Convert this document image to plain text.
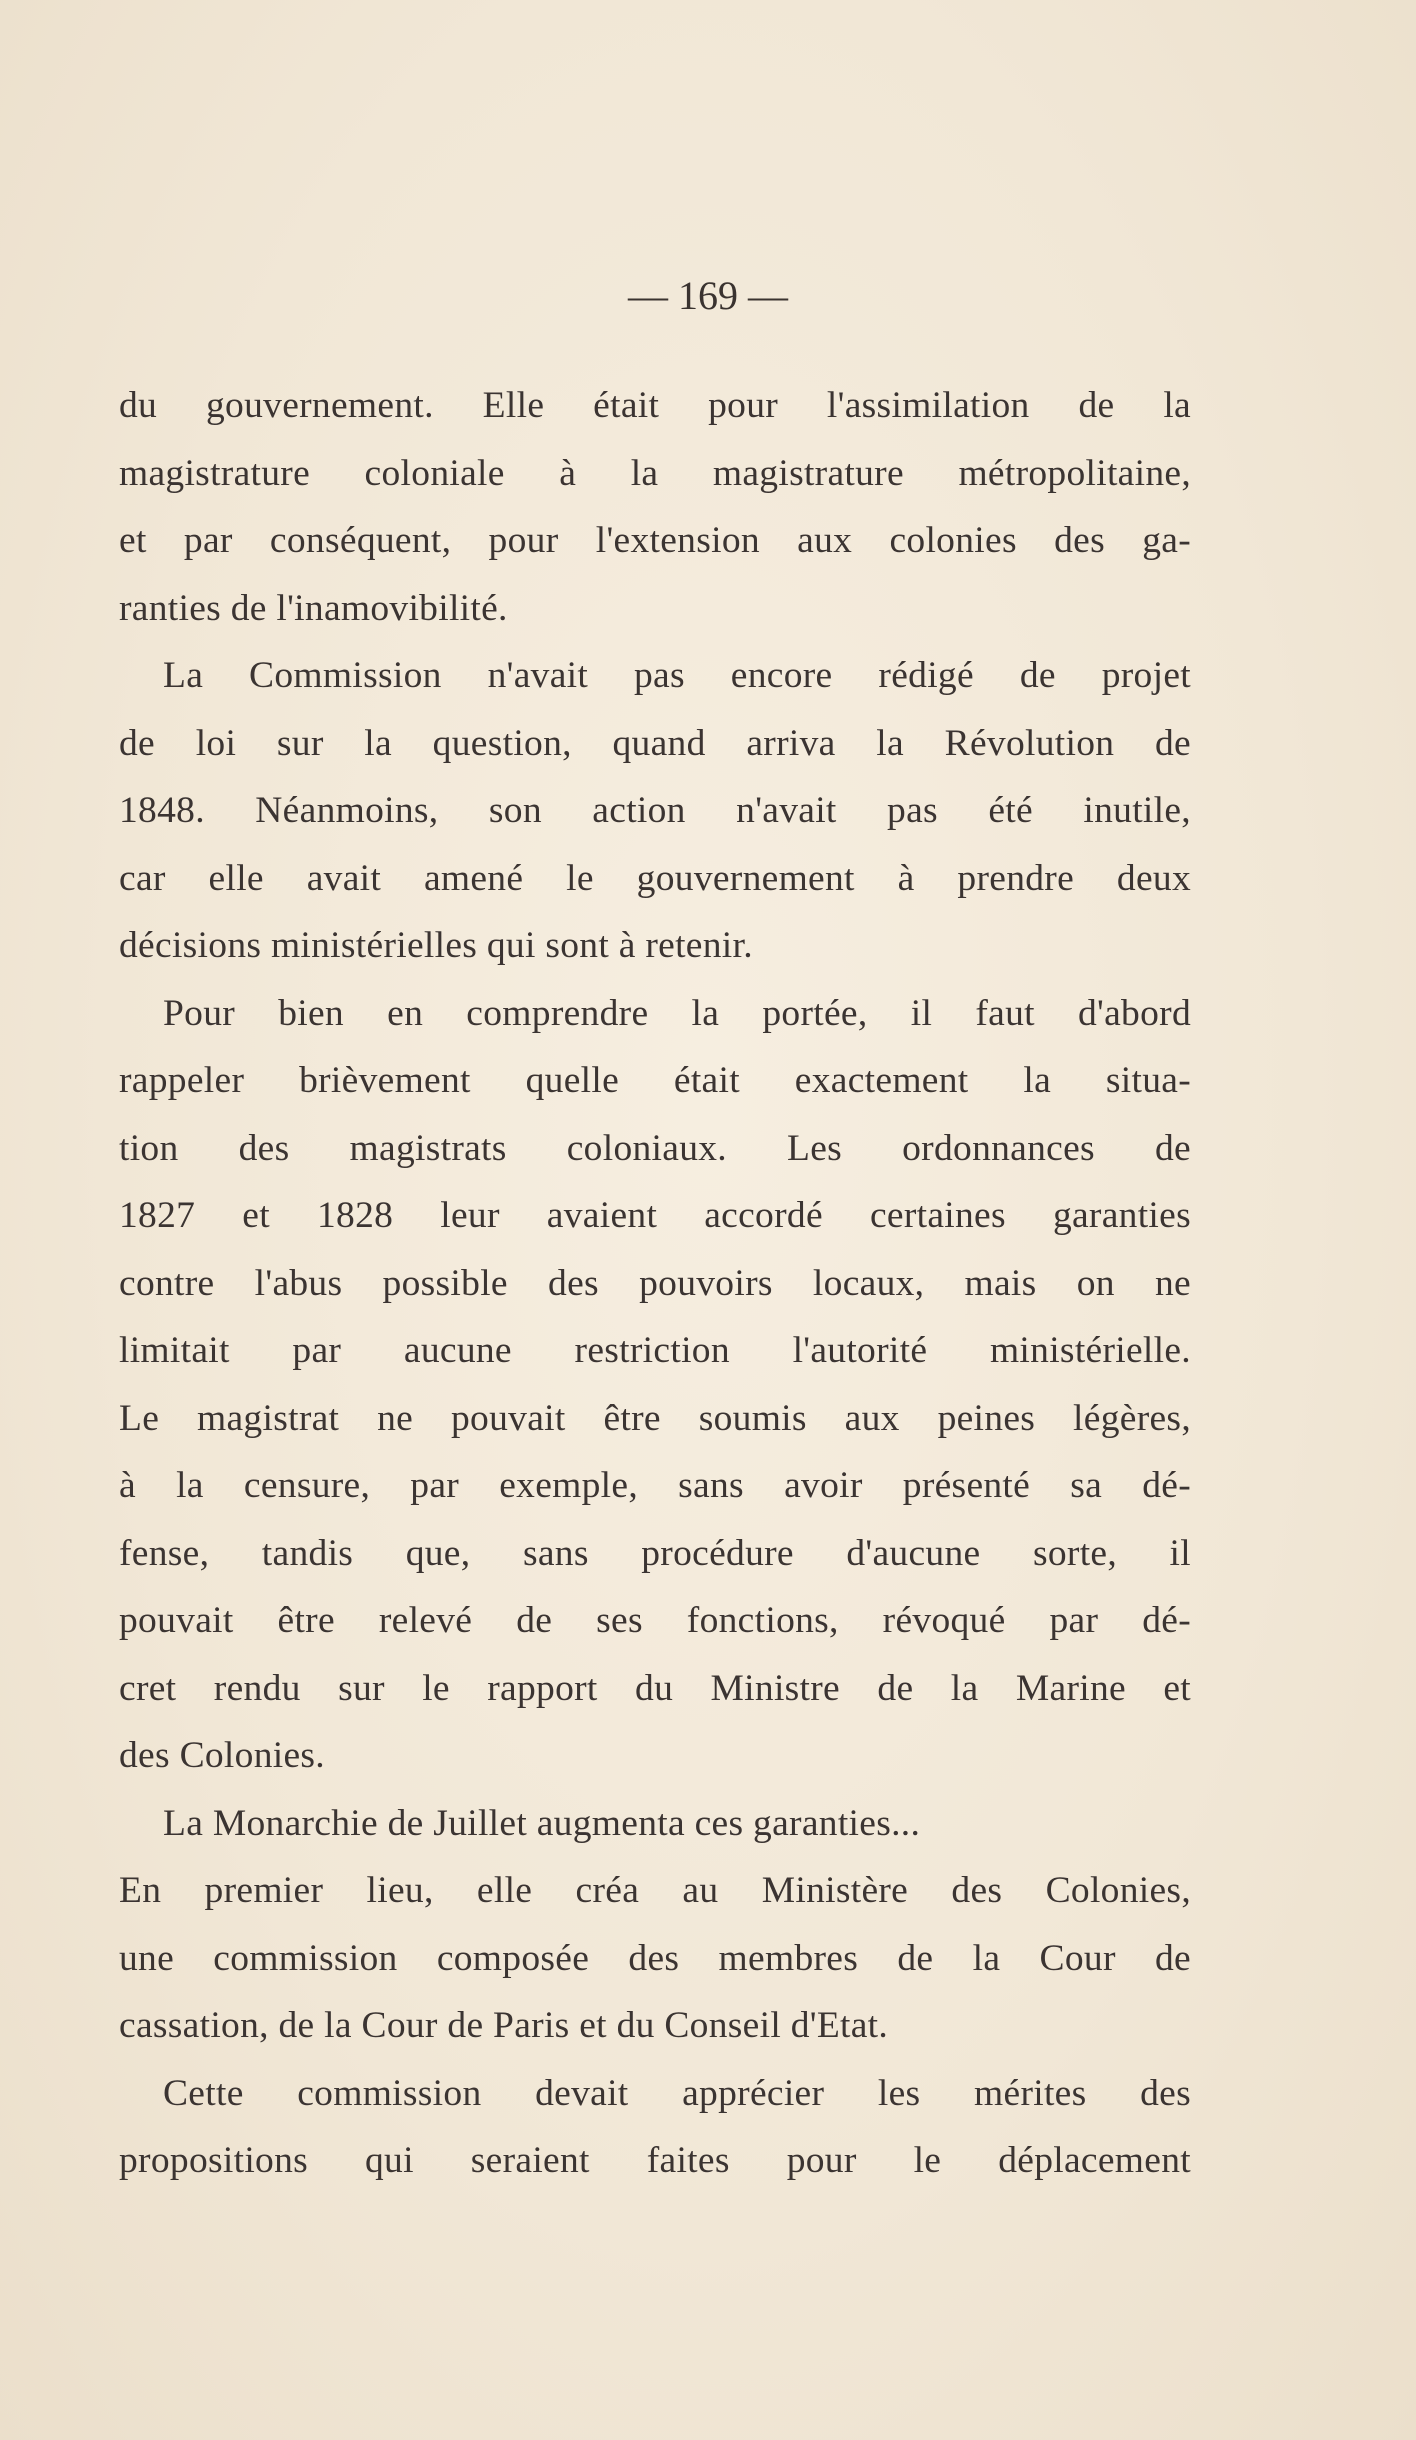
— 169 —
du gouvernement. Elle était pour l'assimilation de la
magistrature coloniale à la magistrature métropolitaine,
et par conséquent, pour l'extension aux colonies des ga-
ranties de l'inamovibilité.
La Commission n'avait pas encore rédigé de projet
de loi sur la question, quand arriva la Révolution de
1848. Néanmoins, son action n'avait pas été inutile,
car elle avait amené le gouvernement à prendre deux
décisions ministérielles qui sont à retenir.
Pour bien en comprendre la portée, il faut d'abord
rappeler brièvement quelle était exactement la situa-
tion des magistrats coloniaux. Les ordonnances de
1827 et 1828 leur avaient accordé certaines garanties
contre l'abus possible des pouvoirs locaux, mais on ne
limitait par aucune restriction l'autorité ministérielle.
Le magistrat ne pouvait être soumis aux peines légères,
à la censure, par exemple, sans avoir présenté sa dé-
fense, tandis que, sans procédure d'aucune sorte, il
pouvait être relevé de ses fonctions, révoqué par dé-
cret rendu sur le rapport du Ministre de la Marine et
des Colonies.
La Monarchie de Juillet augmenta ces garanties...
En premier lieu, elle créa au Ministère des Colonies,
une commission composée des membres de la Cour de
cassation, de la Cour de Paris et du Conseil d'Etat.
Cette commission devait apprécier les mérites des
propositions qui seraient faites pour le déplacement
